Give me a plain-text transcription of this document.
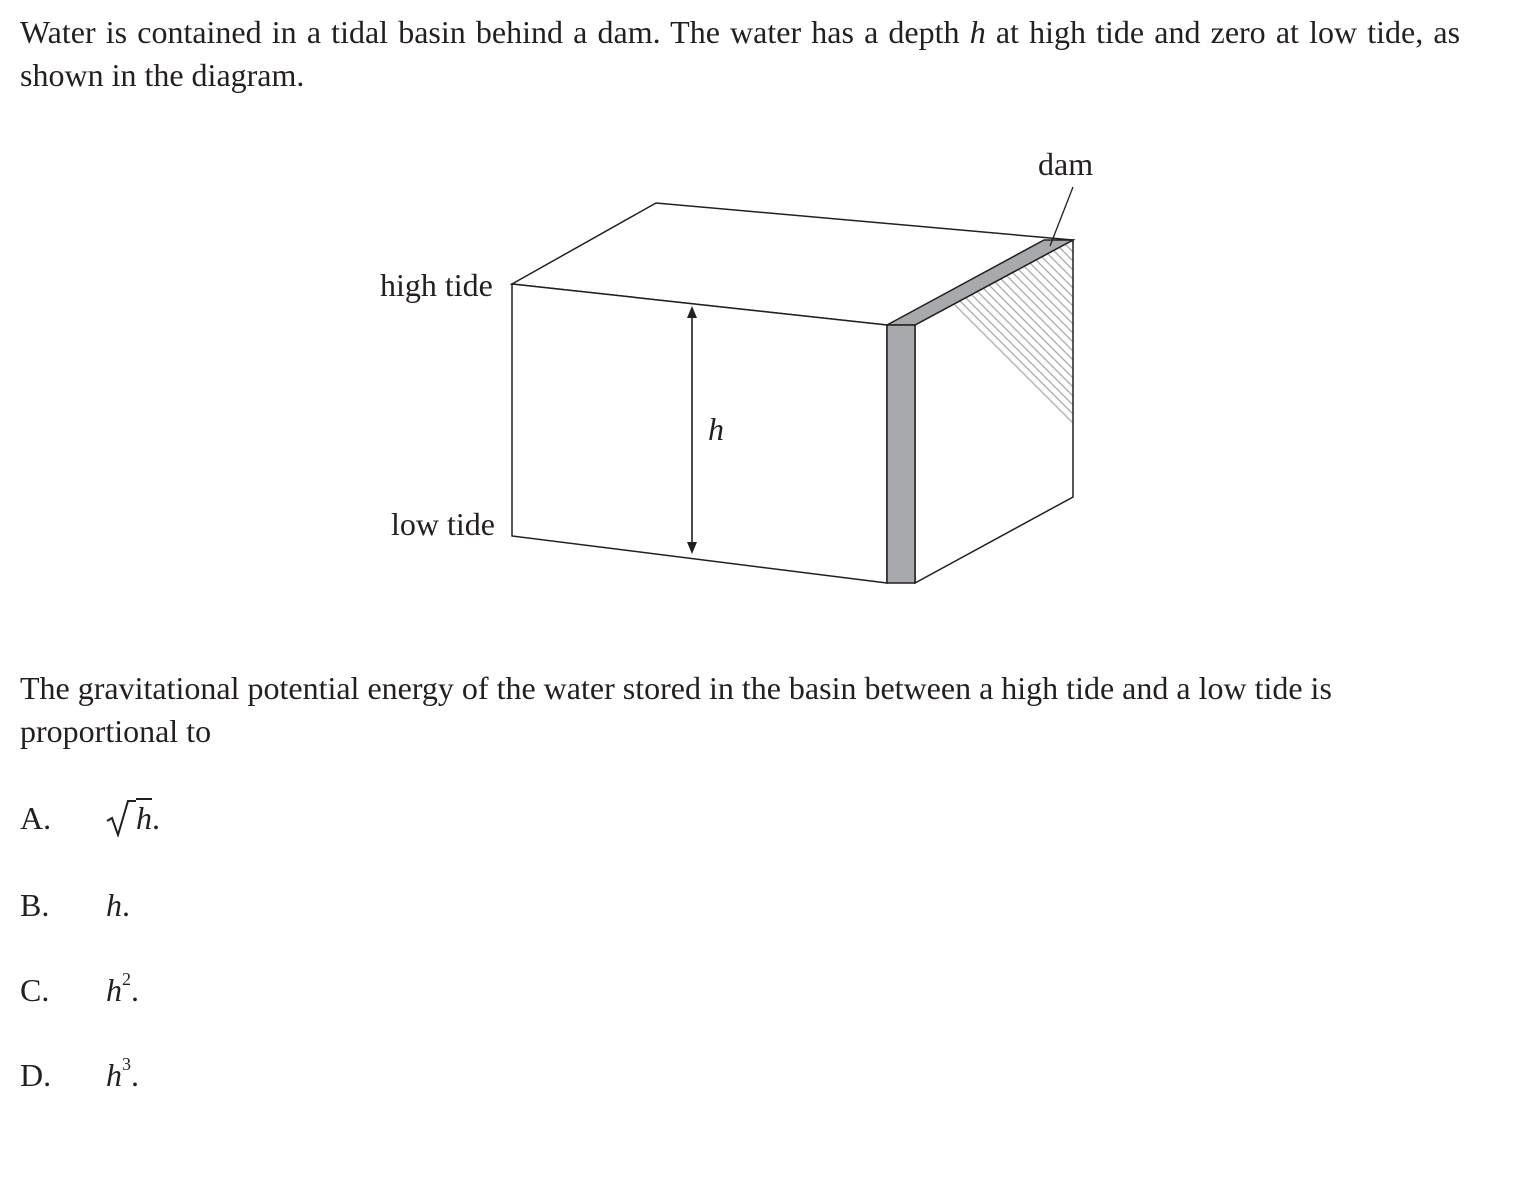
Water is contained in a tidal basin behind a dam. The water has a depth h at high tide and zero at low tide, as shown in the diagram.

dam
high tide
low tide
h

The gravitational potential energy of the water stored in the basin between a high tide and a low tide is proportional to

A.	$\overline{h}$.
B.	h.
C.	$h^2$.
D.	$h^3$.
